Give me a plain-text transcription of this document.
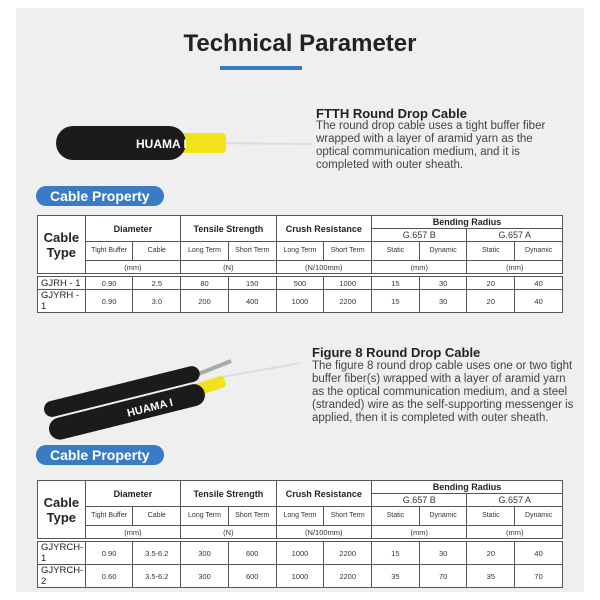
Technical Parameter
HUAMA I
FTTH Round Drop Cable
The round drop cable uses a tight buffer fiber wrapped with a layer of aramid yarn as the optical communication medium, and it is completed with outer sheath.
Cable Property
Cable Type	Diameter		Tensile Strength		Crush Resistance		Bending Radius			
							G.657 B		G.657 A	
	Tight Buffer	Cable	Long Term	Short Term	Long Term	Short Term	Static	Dynamic	Static	Dynamic
	(mm)		(N)		(N/100mm)		(mm)		(mm)	

GJRH - 1	0.90	2.5	80	150	500	1000	15	30	20	40
GJYRH - 1	0.90	3.0	200	400	1000	2200	15	30	20	40
HUAMA I
Figure 8 Round Drop Cable
The figure 8 round drop cable uses one or two tight buffer fiber(s) wrapped with a layer of aramid yarn as the optical communication medium, and a steel (stranded) wire as the self-supporting messenger is applied, then it is completed with outer sheath.
Cable Property
Cable Type	Diameter		Tensile Strength		Crush Resistance		Bending Radius			
							G.657 B		G.657 A	
	Tight Buffer	Cable	Long Term	Short Term	Long Term	Short Term	Static	Dynamic	Static	Dynamic
	(mm)		(N)		(N/100mm)		(mm)		(mm)	

GJYRCH-1	0.90	3.5-6.2	300	600	1000	2200	15	30	20	40
GJYRCH-2	0.60	3.5-6.2	300	600	1000	2200	35	70	35	70
